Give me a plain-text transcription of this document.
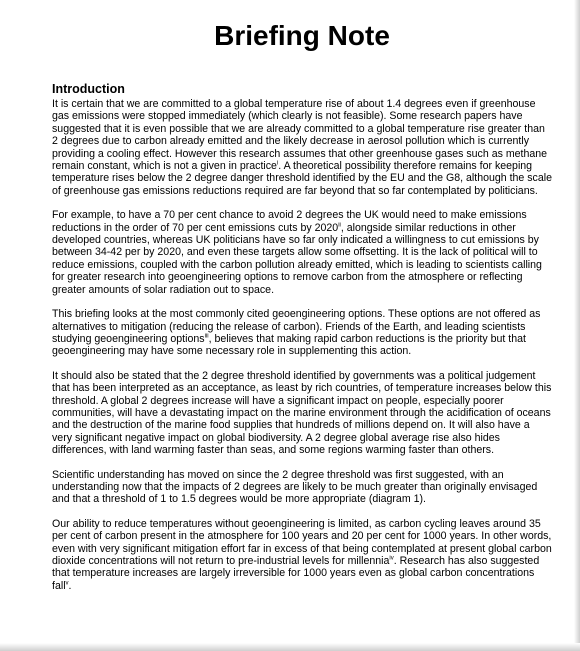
Briefing Note
Introduction

It is certain that we are committed to a global temperature rise of about 1.4 degrees even if greenhouse gas emissions were stopped immediately (which clearly is not feasible). Some research papers have suggested that it is even possible that we are already committed to a global temperature rise greater than 2 degrees due to carbon already emitted and the likely decrease in aerosol pollution which is currently providing a cooling effect. However this research assumes that other greenhouse gases such as methane remain constant, which is not a given in practice$^i$. A theoretical possibility therefore remains for keeping temperature rises below the 2 degree danger threshold identified by the EU and the G8, although the scale of greenhouse gas emissions reductions required are far beyond that so far contemplated by politicians.

For example, to have a 70 per cent chance to avoid 2 degrees the UK would need to make emissions reductions in the order of 70 per cent emissions cuts by 2020$^{ii}$, alongside similar reductions in other developed countries, whereas UK politicians have so far only indicated a willingness to cut emissions by between 34-42 per by 2020, and even these targets allow some offsetting. It is the lack of political will to reduce emissions, coupled with the carbon pollution already emitted, which is leading to scientists calling for greater research into geoengineering options to remove carbon from the atmosphere or reflecting greater amounts of solar radiation out to space.

This briefing looks at the most commonly cited geoengineering options. These options are not offered as alternatives to mitigation (reducing the release of carbon). Friends of the Earth, and leading scientists studying geoengineering options$^{iii}$, believes that making rapid carbon reductions is the priority but that geoengineering may have some necessary role in supplementing this action.

It should also be stated that the 2 degree threshold identified by governments was a political judgement that has been interpreted as an acceptance, as least by rich countries, of temperature increases below this threshold. A global 2 degrees increase will have a significant impact on people, especially poorer communities, will have a devastating impact on the marine environment through the acidification of oceans and the destruction of the marine food supplies that hundreds of millions depend on. It will also have a very significant negative impact on global biodiversity. A 2 degree global average rise also hides differences, with land warming faster than seas, and some regions warming faster than others.

Scientific understanding has moved on since the 2 degree threshold was first suggested, with an understanding now that the impacts of 2 degrees are likely to be much greater than originally envisaged and that a threshold of 1 to 1.5 degrees would be more appropriate (diagram 1).

Our ability to reduce temperatures without geoengineering is limited, as carbon cycling leaves around 35 per cent of carbon present in the atmosphere for 100 years and 20 per cent for 1000 years. In other words, even with very significant mitigation effort far in excess of that being contemplated at present global carbon dioxide concentrations will not return to pre-industrial levels for millennia$^{iv}$. Research has also suggested that temperature increases are largely irreversible for 1000 years even as global carbon concentrations fall$^v$.
